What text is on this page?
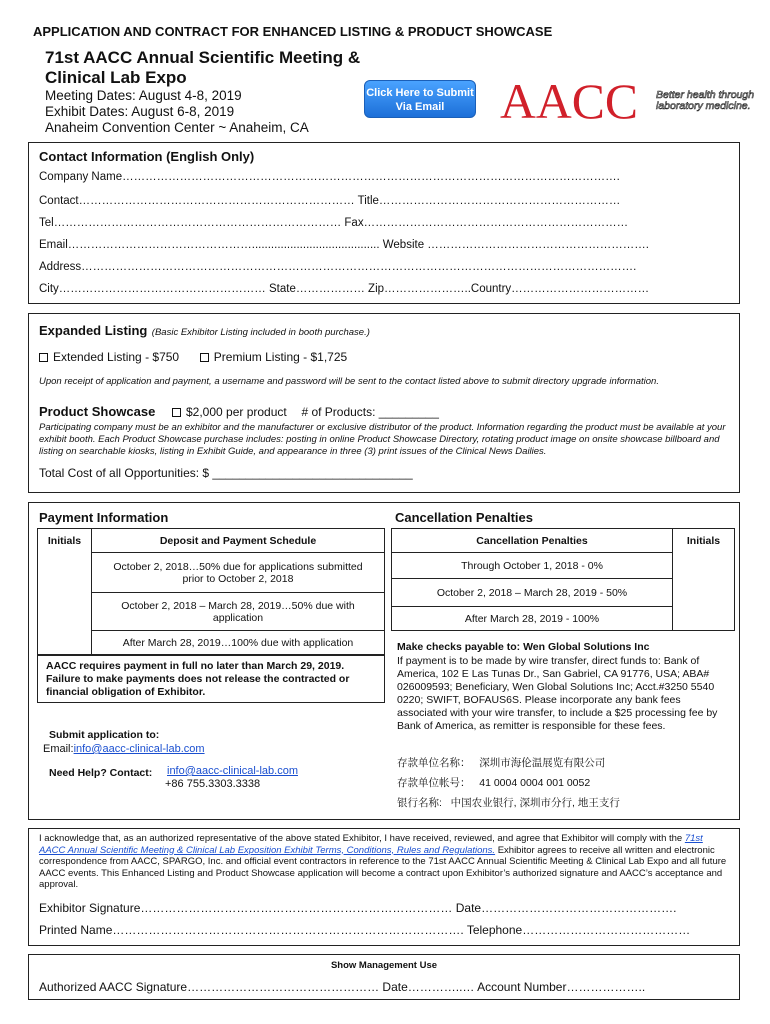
APPLICATION AND CONTRACT FOR ENHANCED LISTING & PRODUCT SHOWCASE
71st AACC Annual Scientific Meeting & Clinical Lab Expo
Meeting Dates: August 4-8, 2019
Exhibit Dates: August 6-8, 2019
Anaheim Convention Center ~ Anaheim, CA
Click Here to Submit Via Email	AACC Better health through laboratory medicine.
Contact Information (English Only)
Company Name………………………………………………………………………………………………………………….
Contact……………………………………………………………… Title………………………………………………………
Tel………………………………………………………………… Fax……………………………………………………………
Email…………………………………………........................................ Website ………………………………………………….
Address……………………………………………………………………………………………………………………………….
City……………………………………………… State……………… Zip…………………..Country………………………………
Expanded Listing (Basic Exhibitor Listing included in booth purchase.)
Extended Listing - $750	Premium Listing - $1,725
Upon receipt of application and payment, a username and password will be sent to the contact listed above to submit directory upgrade information.
Product Showcase	$2,000 per product # of Products: _________
Participating company must be an exhibitor and the manufacturer or exclusive distributor of the product. Information regarding the product must be available at your exhibit booth. Each Product Showcase purchase includes: posting in online Product Showcase Directory, rotating product image on onsite showcase billboard and listing on searchable kiosks, listing in Exhibit Guide, and appearance in three (3) print issues of the Clinical News Dailies.
Total Cost of all Opportunities: $ ______________________________
Payment Information	Cancellation Penalties
Initials	Deposit and Payment Schedule
October 2, 2018…50% due for applications submitted prior to October 2, 2018
October 2, 2018 – March 28, 2019…50% due with application
After March 28, 2019…100% due with application
AACC requires payment in full no later than March 29, 2019. Failure to make payments does not release the contracted or financial obligation of Exhibitor.
Submit application to:
Email:info@aacc-clinical-lab.com
Need Help? Contact: info@aacc-clinical-lab.com
+86 755.3303.3338
Cancellation Penalties	Initials
Through October 1, 2018 - 0%
October 2, 2018 – March 28, 2019 - 50%
After March 28, 2019 - 100%
Make checks payable to: Wen Global Solutions Inc
If payment is to be made by wire transfer, direct funds to: Bank of America, 102 E Las Tunas Dr., San Gabriel, CA 91776, USA; ABA# 026009593; Beneficiary, Wen Global Solutions Inc; Acct.#3250 5540 0220; SWIFT, BOFAUS6S. Please incorporate any bank fees associated with your wire transfer, to include a $25 processing fee by Bank of America, as remitter is responsible for these fees.
存款单位名称：   深圳市海伦温展览有限公司
存款单位帐号：   41 0004 0004 001 0052
银行名称:   中国农业银行, 深圳市分行, 地王支行
I acknowledge that, as an authorized representative of the above stated Exhibitor, I have received, reviewed, and agree that Exhibitor will comply with the 71st AACC Annual Scientific Meeting & Clinical Lab Exposition Exhibit Terms, Conditions, Rules and Regulations. Exhibitor agrees to receive all written and electronic correspondence from AACC, SPARGO, Inc. and official event contractors in reference to the 71st AACC Annual Scientific Meeting & Clinical Lab Expo and all future AACC events. This Enhanced Listing and Product Showcase application will become a contract upon Exhibitor’s authorized signature and AACC’s acceptance and approval.
Exhibitor Signature…………………………………………………………………… Date………………………………………….
Printed Name……………………………………………………………………………. Telephone……………………………………
Show Management Use
Authorized AACC Signature………………………………………… Date…………..… Account Number………………..
